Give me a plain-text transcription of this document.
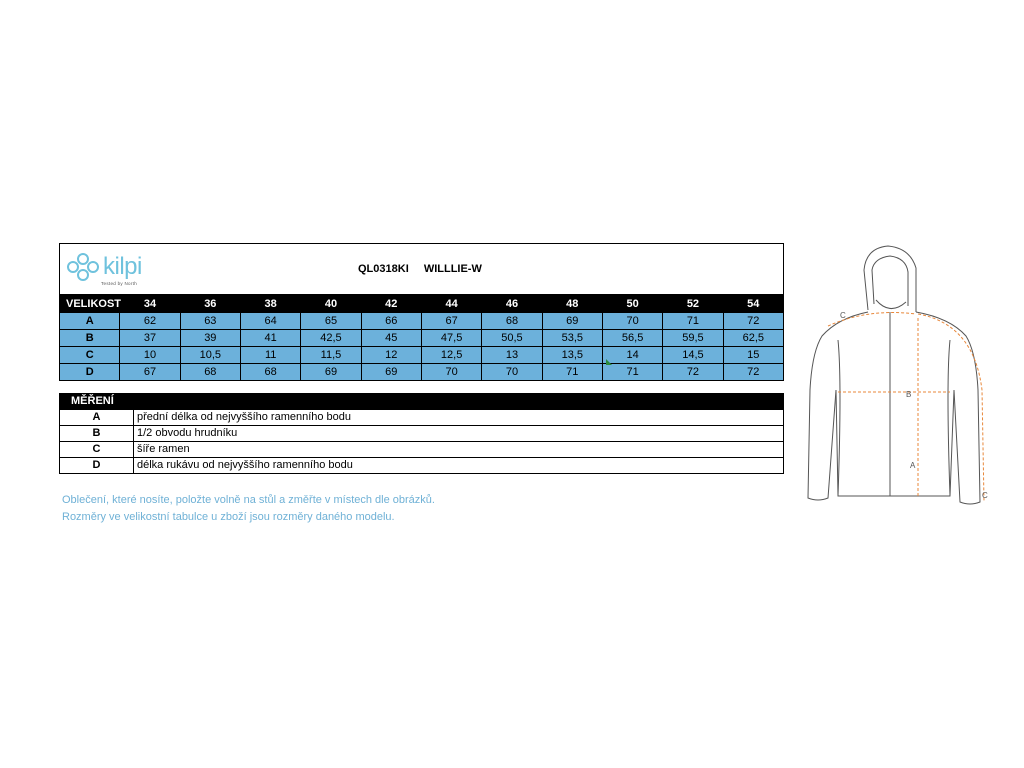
kilpi
Tested by North
QL0318KI WILLLIE-W
VELIKOST	34	36	38	40	42	44	46	48	50	52	54
A	62	63	64	65	66	67	68	69	70	71	72
B	37	39	41	42,5	45	47,5	50,5	53,5	56,5	59,5	62,5
C	10	10,5	11	11,5	12	12,5	13	13,5	14	14,5	15
D	67	68	68	69	69	70	70	71	71	72	72
MĚŘENÍ
A	přední délka od nejvyššího ramenního bodu
B	1/2 obvodu hrudníku
C	šíře ramen
D	délka rukávu od nejvyššího ramenního bodu
Oblečení, které nosíte, položte volně na stůl a změřte v místech dle obrázků.
Rozměry ve velikostní tabulce u zboží jsou rozměry daného modelu.
B
A
C
C
